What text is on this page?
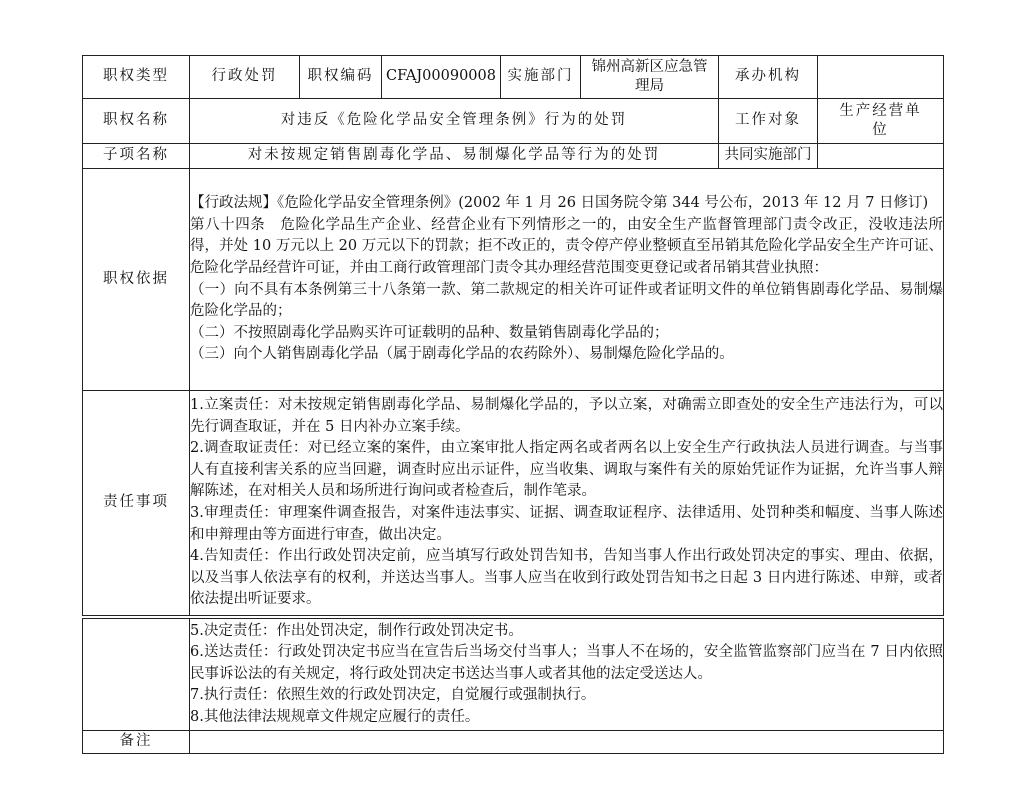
职权类型	行政处罚	职权编码	CFAJ00090008	实施部门	锦州高新区应急管理局	承办机构	
职权名称	对违反《危险化学品安全管理条例》行为的处罚					工作对象	生产经营单位
子项名称	对未按规定销售剧毒化学品、易制爆化学品等行为的处罚					共同实施部门	
职权依据	【行政法规】《危险化学品安全管理条例》(2002 年 1 月 26 日国务院令第 344 号公布，2013 年 12 月 7 日修订)

第八十四条　危险化学品生产企业、经营企业有下列情形之一的，由安全生产监督管理部门责令改正，没收违法所得，并处 10 万元以上 20 万元以下的罚款；拒不改正的，责令停产停业整顿直至吊销其危险化学品安全生产许可证、危险化学品经营许可证，并由工商行政管理部门责令其办理经营范围变更登记或者吊销其营业执照：

（一）向不具有本条例第三十八条第一款、第二款规定的相关许可证件或者证明文件的单位销售剧毒化学品、易制爆危险化学品的；

（二）不按照剧毒化学品购买许可证载明的品种、数量销售剧毒化学品的；

（三）向个人销售剧毒化学品（属于剧毒化学品的农药除外）、易制爆危险化学品的。						

责任事项	1.立案责任：对未按规定销售剧毒化学品、易制爆化学品的，予以立案，对确需立即查处的安全生产违法行为，可以先行调查取证，并在 5 日内补办立案手续。

2.调查取证责任：对已经立案的案件，由立案审批人指定两名或者两名以上安全生产行政执法人员进行调查。与当事人有直接利害关系的应当回避，调查时应出示证件，应当收集、调取与案件有关的原始凭证作为证据，允许当事人辩解陈述，在对相关人员和场所进行询问或者检查后，制作笔录。

3.审理责任：审理案件调查报告，对案件违法事实、证据、调查取证程序、法律适用、处罚种类和幅度、当事人陈述和申辩理由等方面进行审查，做出决定。

4.告知责任：作出行政处罚决定前，应当填写行政处罚告知书，告知当事人作出行政处罚决定的事实、理由、依据，以及当事人依法享有的权利，并送达当事人。当事人应当在收到行政处罚告知书之日起 3 日内进行陈述、申辩，或者依法提出听证要求。						

	5.决定责任：作出处罚决定，制作行政处罚决定书。

6.送达责任：行政处罚决定书应当在宣告后当场交付当事人；当事人不在场的，安全监管监察部门应当在 7 日内依照民事诉讼法的有关规定，将行政处罚决定书送达当事人或者其他的法定受送达人。

7.执行责任：依照生效的行政处罚决定，自觉履行或强制执行。

8.其他法律法规规章文件规定应履行的责任。

备注	
